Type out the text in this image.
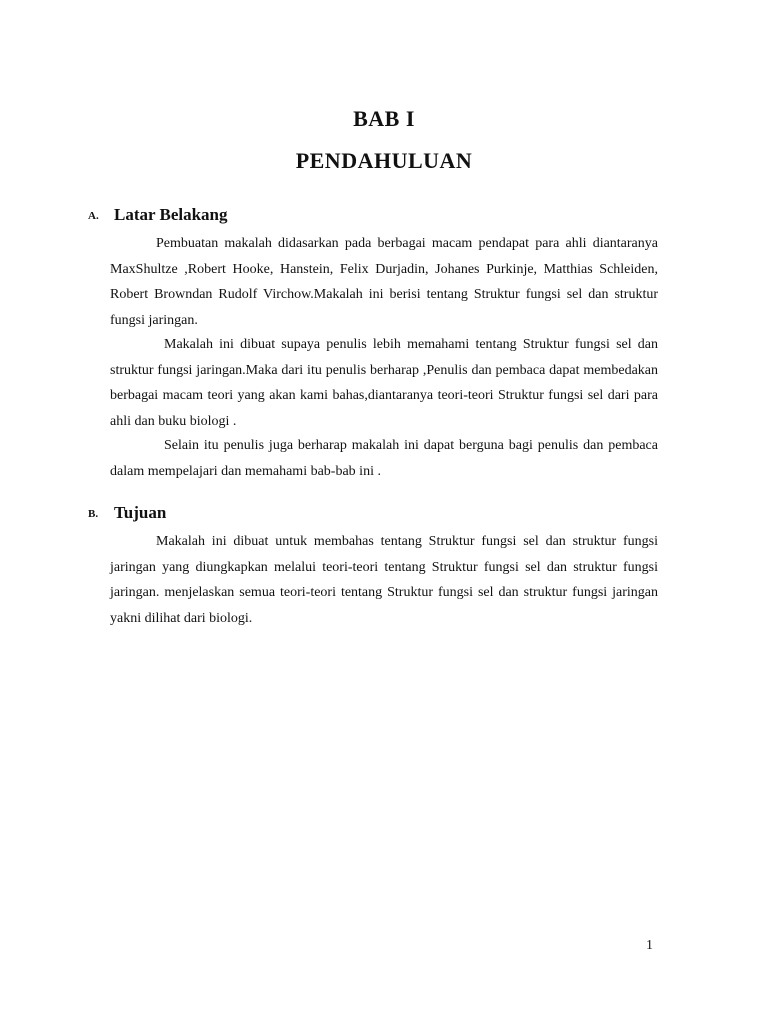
BAB I
PENDAHULUAN
A. Latar Belakang

Pembuatan makalah didasarkan pada berbagai macam pendapat para ahli diantaranya MaxShultze ,Robert Hooke, Hanstein, Felix Durjadin, Johanes Purkinje, Matthias Schleiden, Robert Browndan Rudolf Virchow.Makalah ini berisi tentang Struktur fungsi sel dan struktur fungsi jaringan.

Makalah ini dibuat supaya penulis lebih memahami tentang Struktur fungsi sel dan struktur fungsi jaringan.Maka dari itu penulis berharap ,Penulis dan pembaca dapat membedakan berbagai macam teori yang akan kami bahas,diantaranya teori-teori Struktur fungsi sel dari para ahli dan buku biologi .

Selain itu penulis juga berharap makalah ini dapat berguna bagi penulis dan pembaca dalam mempelajari dan memahami bab-bab ini .

B. Tujuan

Makalah ini dibuat untuk membahas tentang Struktur fungsi sel dan struktur fungsi jaringan yang diungkapkan melalui teori-teori tentang Struktur fungsi sel dan struktur fungsi jaringan. menjelaskan semua teori-teori tentang Struktur fungsi sel dan struktur fungsi jaringan yakni dilihat dari biologi.

1
